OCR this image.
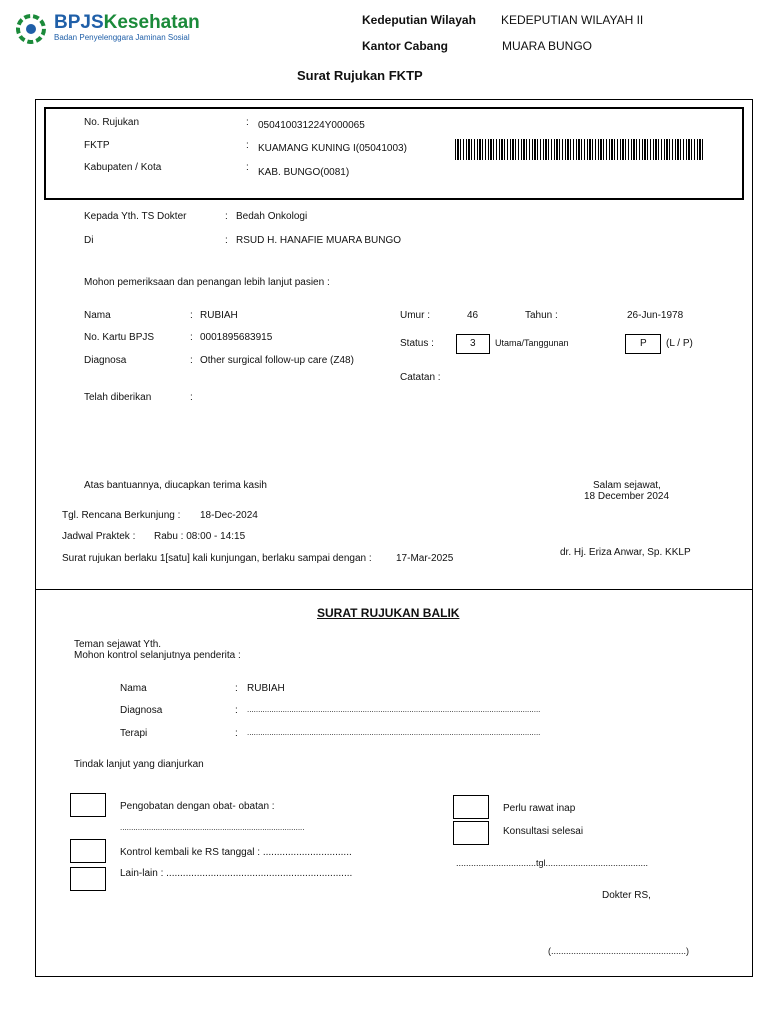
BPJSKesehatan
Badan Penyelenggara Jaminan Sosial
Kedeputian Wilayah KEDEPUTIAN WILAYAH II
Kantor Cabang	MUARA BUNGO
Surat Rujukan FKTP
No. Rujukan	: 050410031224Y000065
FKTP	: KUAMANG KUNING I(05041003)
Kabupaten / Kota	: KAB. BUNGO(0081)
Kepada Yth. TS Dokter	: Bedah Onkologi
Di	: RSUD H. HANAFIE MUARA BUNGO
Mohon pemeriksaan dan penangan lebih lanjut pasien :
Nama	: RUBIAH
No. Kartu BPJS	: 0001895683915
Diagnosa	: Other surgical follow-up care (Z48)
Telah diberikan	:
Umur :	46	Tahun :	26-Jun-1978
Status :	3 Utama/Tanggunan	P (L / P)
Catatan :
Atas bantuannya, diucapkan terima kasih	Salam sejawat,
18 December 2024
Tgl. Rencana Berkunjung : 18-Dec-2024
Jadwal Praktek : Rabu : 08:00 - 14:15
Surat rujukan berlaku 1[satu] kali kunjungan, berlaku sampai dengan : 17-Mar-2025
dr. Hj. Eriza Anwar, Sp. KKLP
SURAT RUJUKAN BALIK
Teman sejawat Yth.
Mohon kontrol selanjutnya penderita :
Nama	: RUBIAH
Diagnosa	: ....................................................................................................................................
Terapi	: ....................................................................................................................................
Tindak lanjut yang dianjurkan
Pengobatan dengan obat- obatan :
...................................................................................
Kontrol kembali ke RS tanggal : ................................
Lain-lain : ...................................................................
Perlu rawat inap
Konsultasi selesai
................................tgl.........................................
Dokter RS,
(......................................................)
